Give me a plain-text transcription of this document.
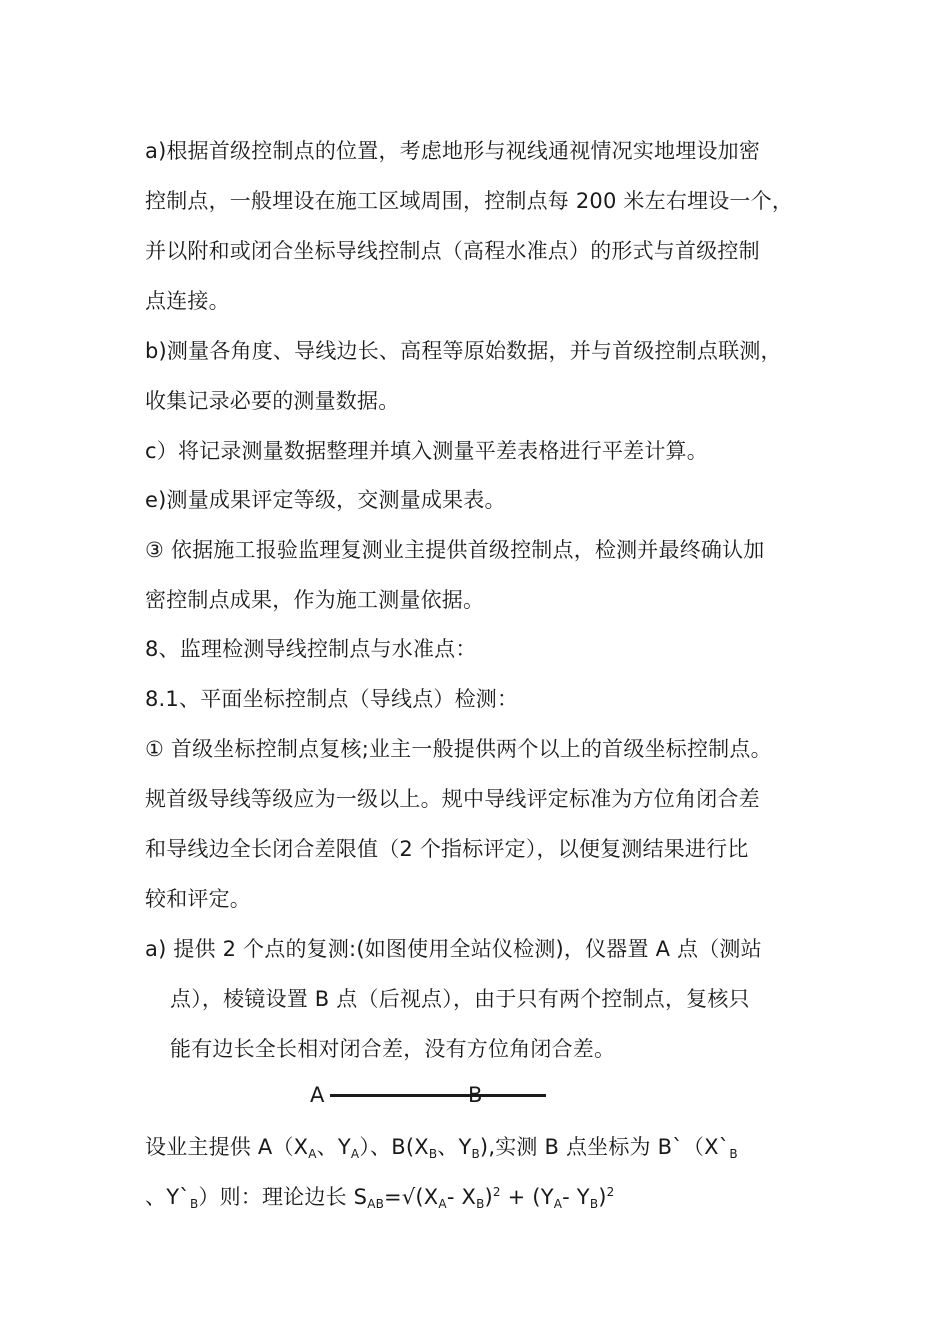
a)根据首级控制点的位置，考虑地形与视线通视情况实地埋设加密
控制点，一般埋设在施工区域周围，控制点每 200 米左右埋设一个，
并以附和或闭合坐标导线控制点（高程水准点）的形式与首级控制
点连接。
b)测量各角度、导线边长、高程等原始数据，并与首级控制点联测，
收集记录必要的测量数据。
c）将记录测量数据整理并填入测量平差表格进行平差计算。
e)测量成果评定等级，交测量成果表。
③ 依据施工报验监理复测业主提供首级控制点，检测并最终确认加
密控制点成果，作为施工测量依据。
8、监理检测导线控制点与水准点：
8.1、平面坐标控制点（导线点）检测：
① 首级坐标控制点复核;业主一般提供两个以上的首级坐标控制点。
规首级导线等级应为一级以上。规中导线评定标准为方位角闭合差
和导线边全长闭合差限值（2 个指标评定），以便复测结果进行比
较和评定。
a) 提供 2 个点的复测:(如图使用全站仪检测)，仪器置 A 点（测站
点），棱镜设置 B 点（后视点），由于只有两个控制点，复核只
能有边长全长相对闭合差，没有方位角闭合差。
A	B
设业主提供 $A(X_A$、$Y_A$）、$B(X_B$、$Y_B$),实测 B 点坐标为 $B`(X`_B$
、$Y`_B$）则：理论边长 $S_{AB}=√(X_A-$ $X_B)^2 + (Y_A-$ $Y_B)^2$
